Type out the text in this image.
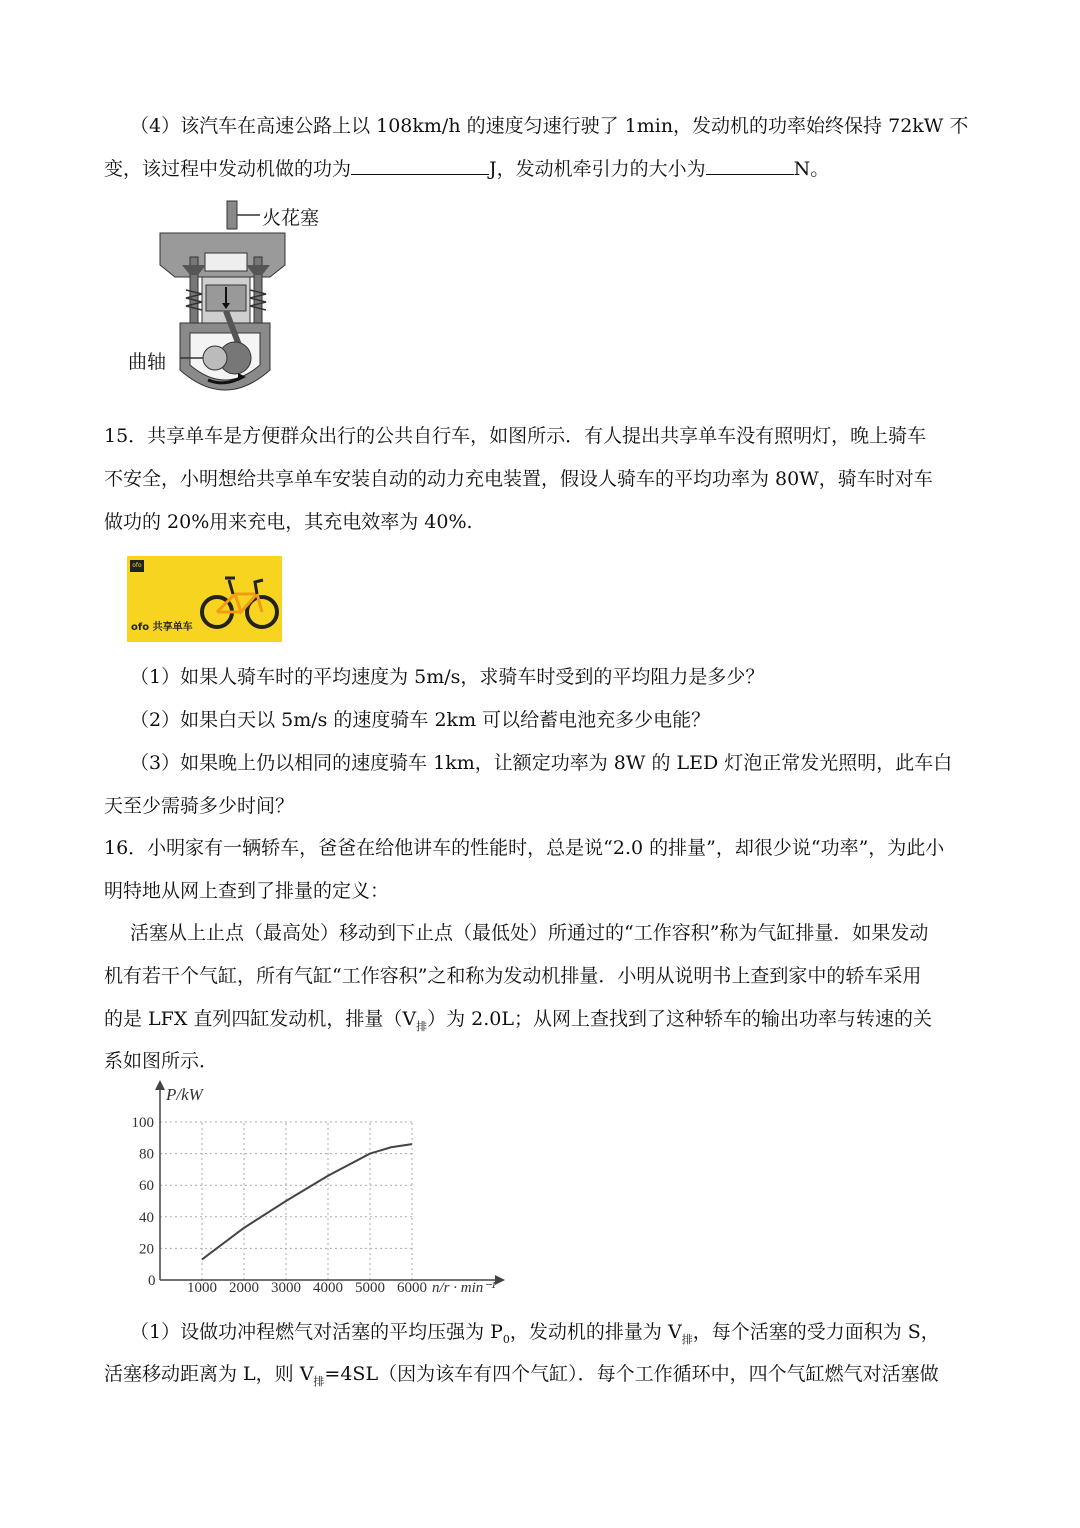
（4）该汽车在高速公路上以 108km/h 的速度匀速行驶了 1min，发动机的功率始终保持 72kW 不
变，该过程中发动机做的功为	J，发动机牵引力的大小为	N。
火花塞
曲轴
15．共享单车是方便群众出行的公共自行车，如图所示．有人提出共享单车没有照明灯，晚上骑车
不安全，小明想给共享单车安装自动的动力充电装置，假设人骑车的平均功率为 80W，骑车时对车
做功的 20%用来充电，其充电效率为 40%.
ofo
ofo 共享单车
（1）如果人骑车时的平均速度为 5m/s，求骑车时受到的平均阻力是多少？
（2）如果白天以 5m/s 的速度骑车 2km 可以给蓄电池充多少电能？
（3）如果晚上仍以相同的速度骑车 1km，让额定功率为 8W 的 LED 灯泡正常发光照明，此车白
天至少需骑多少时间？
16．小明家有一辆轿车，爸爸在给他讲车的性能时，总是说“2.0 的排量”，却很少说“功率”，为此小
明特地从网上查到了排量的定义：
活塞从上止点（最高处）移动到下止点（最低处）所通过的“工作容积”称为气缸排量．如果发动
机有若干个气缸，所有气缸“工作容积”之和称为发动机排量．小明从说明书上查到家中的轿车采用
的是 LFX 直列四缸发动机，排量$(V_排)$为 2.0L；从网上查找到了这种轿车的输出功率与转速的关
系如图所示．
P/kW
n/r · min⁻¹
0 1000 2000 3000 4000 5000 6000
20
40
60
80
100
（1）设做功冲程燃气对活塞的平均压强为 $P_0$，发动机的排量为 $V_排$，每个活塞的受力面积为 S，
活塞移动距离为 L，则 $V_排=4SL$（因为该车有四个气缸）．每个工作循环中，四个气缸燃气对活塞做
